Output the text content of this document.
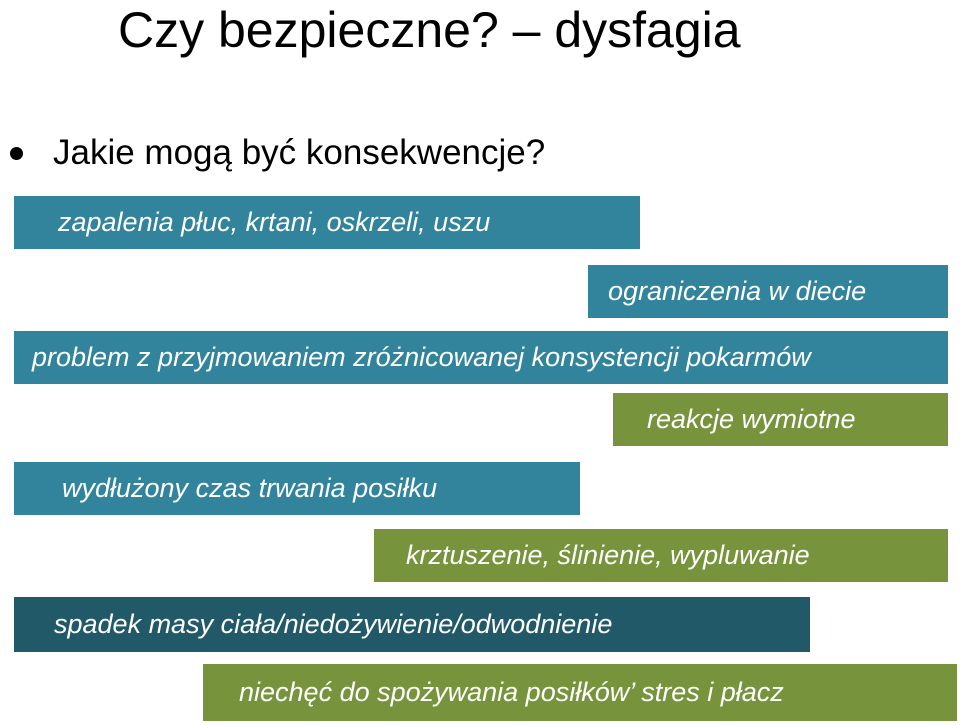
Czy bezpieczne? – dysfagia
Jakie mogą być konsekwencje?
zapalenia płuc, krtani, oskrzeli, uszu
ograniczenia w diecie
problem z przyjmowaniem zróżnicowanej konsystencji pokarmów
reakcje wymiotne
wydłużony czas trwania posiłku
krztuszenie, ślinienie, wypluwanie
spadek masy ciała/niedożywienie/odwodnienie
niechęć do spożywania posiłków’ stres i płacz
